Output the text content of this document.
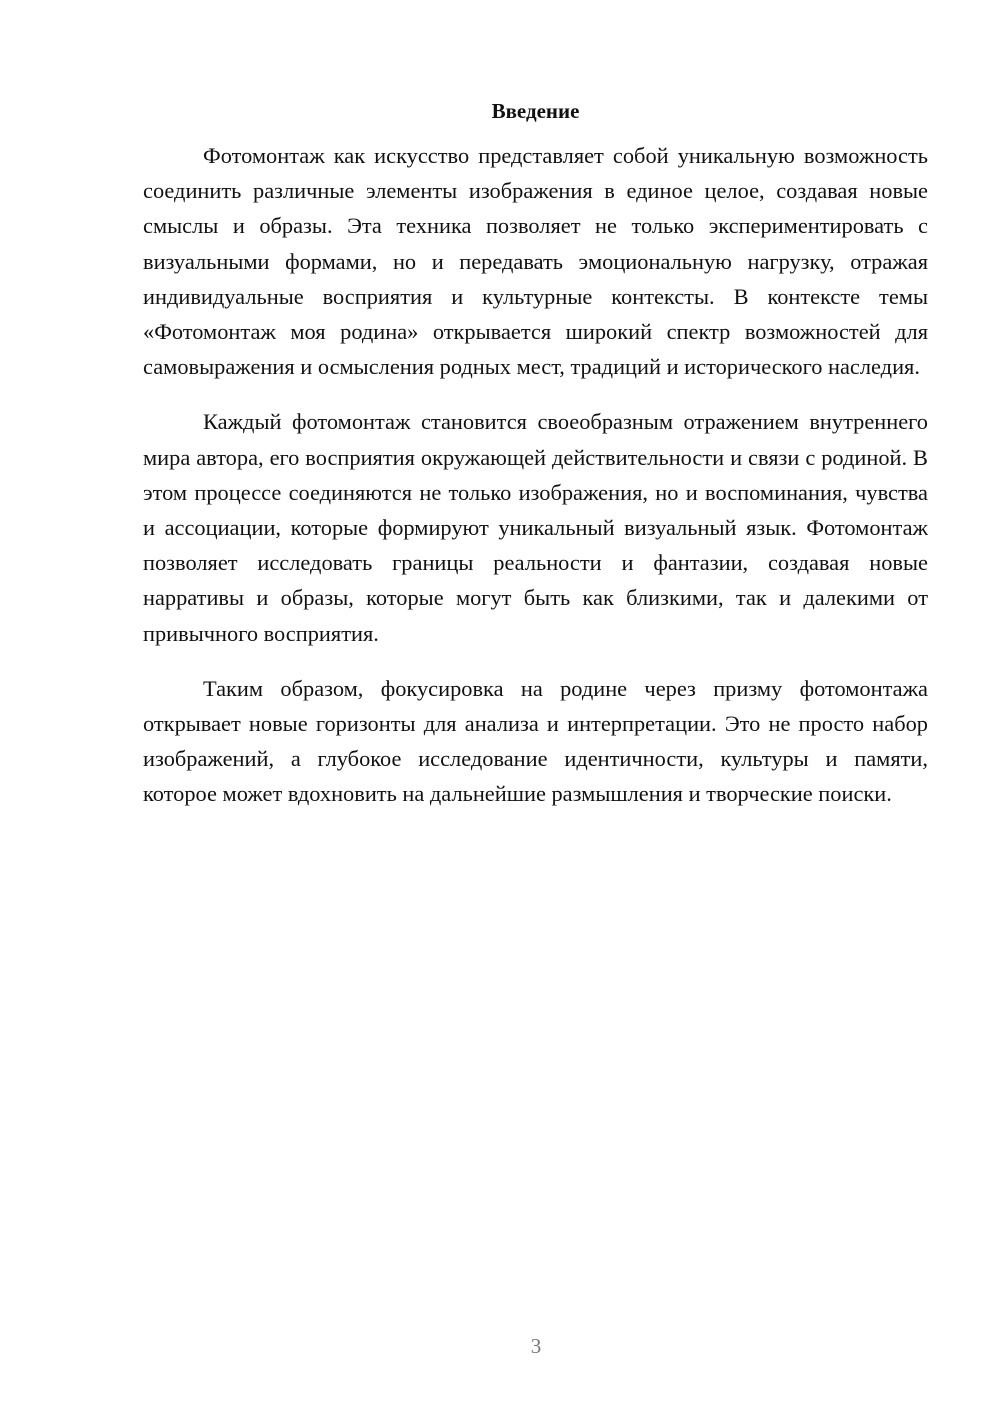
Введение

Фотомонтаж как искусство представляет собой уникальную возможность соединить различные элементы изображения в единое целое, создавая новые смыслы и образы. Эта техника позволяет не только экспериментировать с визуальными формами, но и передавать эмоциональную нагрузку, отражая индивидуальные восприятия и культурные контексты. В контексте темы «Фотомонтаж моя родина» открывается широкий спектр возможностей для самовыражения и осмысления родных мест, традиций и исторического наследия.

Каждый фотомонтаж становится своеобразным отражением внутреннего мира автора, его восприятия окружающей действительности и связи с родиной. В этом процессе соединяются не только изображения, но и воспоминания, чувства и ассоциации, которые формируют уникальный визуальный язык. Фотомонтаж позволяет исследовать границы реальности и фантазии, создавая новые нарративы и образы, которые могут быть как близкими, так и далекими от привычного восприятия.

Таким образом, фокусировка на родине через призму фотомонтажа открывает новые горизонты для анализа и интерпретации. Это не просто набор изображений, а глубокое исследование идентичности, культуры и памяти, которое может вдохновить на дальнейшие размышления и творческие поиски.

3
